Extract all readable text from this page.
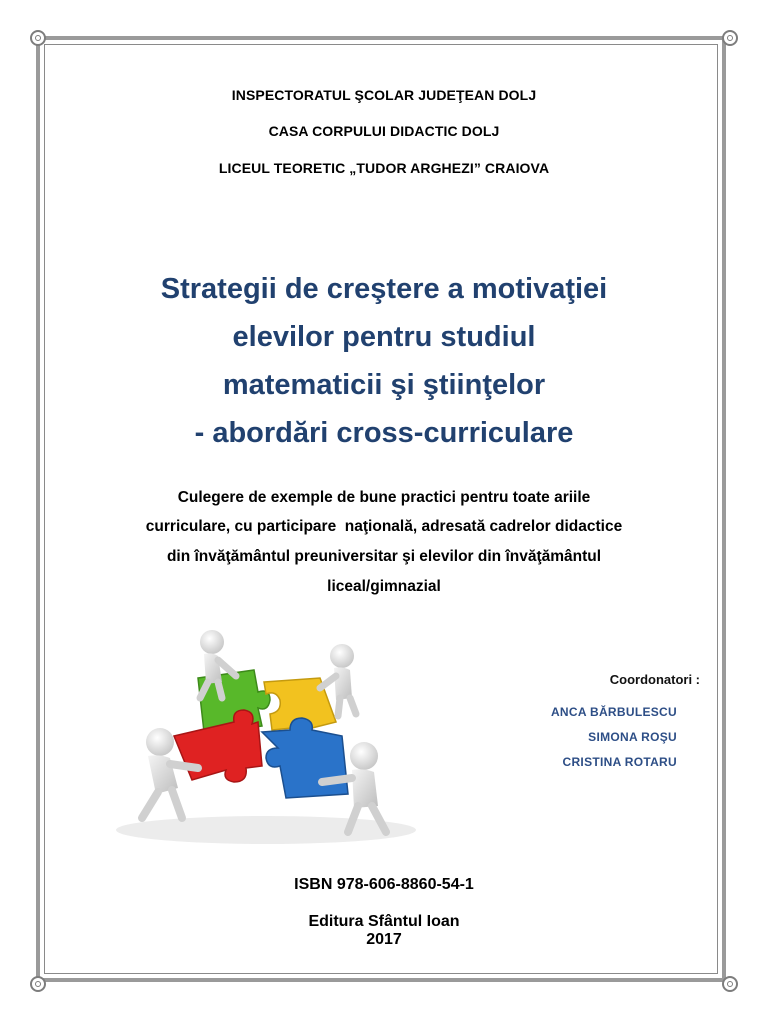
INSPECTORATUL ŞCOLAR JUDEŢEAN DOLJ
CASA CORPULUI DIDACTIC DOLJ
LICEUL TEORETIC „TUDOR ARGHEZI” CRAIOVA
Strategii de creştere a motivaţiei
elevilor pentru studiul
matematicii şi ştiinţelor
- abordări cross-curriculare
Culegere de exemple de bune practici pentru toate ariile
curriculare, cu participare  naţională, adresată cadrelor didactice
din învăţământul preuniversitar şi elevilor din învăţământul
liceal/gimnazial
Coordonatori :
ANCA BĂRBULESCU
SIMONA ROŞU
CRISTINA ROTARU
ISBN 978-606-8860-54-1
Editura Sfântul Ioan
2017
